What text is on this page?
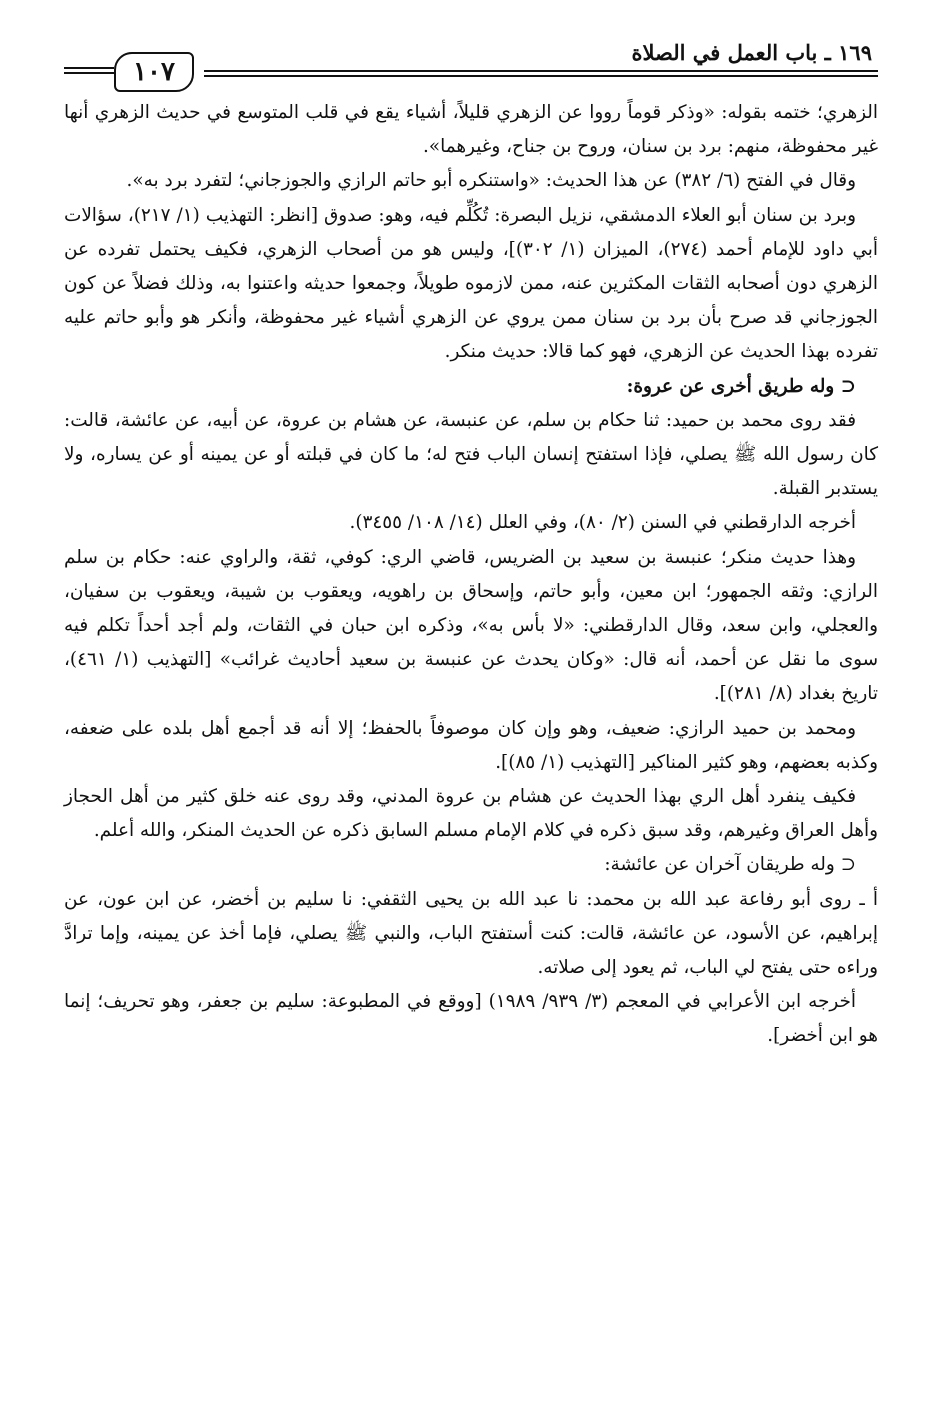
١٦٩ ـ باب العمل في الصلاة
١٠٧

الزهري؛ ختمه بقوله: «وذكر قوماً رووا عن الزهري قليلاً، أشياء يقع في قلب المتوسع في حديث الزهري أنها غير محفوظة، منهم: برد بن سنان، وروح بن جناح، وغيرهما».

وقال في الفتح (٦/ ٣٨٢) عن هذا الحديث: «واستنكره أبو حاتم الرازي والجوزجاني؛ لتفرد برد به».

وبرد بن سنان أبو العلاء الدمشقي، نزيل البصرة: تُكُلِّم فيه، وهو: صدوق [انظر: التهذيب (١/ ٢١٧)، سؤالات أبي داود للإمام أحمد (٢٧٤)، الميزان (١/ ٣٠٢)]، وليس هو من أصحاب الزهري، فكيف يحتمل تفرده عن الزهري دون أصحابه الثقات المكثرين عنه، ممن لازموه طويلاً، وجمعوا حديثه واعتنوا به، وذلك فضلاً عن كون الجوزجاني قد صرح بأن برد بن سنان ممن يروي عن الزهري أشياء غير محفوظة، وأنكر هو وأبو حاتم عليه تفرده بهذا الحديث عن الزهري، فهو كما قالا: حديث منكر.

⊂ وله طريق أخرى عن عروة:

فقد روى محمد بن حميد: ثنا حكام بن سلم، عن عنبسة، عن هشام بن عروة، عن أبيه، عن عائشة، قالت: كان رسول الله ﷺ يصلي، فإذا استفتح إنسان الباب فتح له؛ ما كان في قبلته أو عن يمينه أو عن يساره، ولا يستدبر القبلة.

أخرجه الدارقطني في السنن (٢/ ٨٠)، وفي العلل (١٤/ ١٠٨/ ٣٤٥٥).

وهذا حديث منكر؛ عنبسة بن سعيد بن الضريس، قاضي الري: كوفي، ثقة، والراوي عنه: حكام بن سلم الرازي: وثقه الجمهور؛ ابن معين، وأبو حاتم، وإسحاق بن راهويه، ويعقوب بن شيبة، ويعقوب بن سفيان، والعجلي، وابن سعد، وقال الدارقطني: «لا بأس به»، وذكره ابن حبان في الثقات، ولم أجد أحداً تكلم فيه سوى ما نقل عن أحمد، أنه قال: «وكان يحدث عن عنبسة بن سعيد أحاديث غرائب» [التهذيب (١/ ٤٦١)، تاريخ بغداد (٨/ ٢٨١)].

ومحمد بن حميد الرازي: ضعيف، وهو وإن كان موصوفاً بالحفظ؛ إلا أنه قد أجمع أهل بلده على ضعفه، وكذبه بعضهم، وهو كثير المناكير [التهذيب (١/ ٨٥)].

فكيف ينفرد أهل الري بهذا الحديث عن هشام بن عروة المدني، وقد روى عنه خلق كثير من أهل الحجاز وأهل العراق وغيرهم، وقد سبق ذكره في كلام الإمام مسلم السابق ذكره عن الحديث المنكر، والله أعلم.

⊂ وله طريقان آخران عن عائشة:

أ ـ روى أبو رفاعة عبد الله بن محمد: نا عبد الله بن يحيى الثقفي: نا سليم بن أخضر، عن ابن عون، عن إبراهيم، عن الأسود، عن عائشة، قالت: كنت أستفتح الباب، والنبي ﷺ يصلي، فإما أخذ عن يمينه، وإما ترادَّ وراءه حتى يفتح لي الباب، ثم يعود إلى صلاته.

أخرجه ابن الأعرابي في المعجم (٣/ ٩٣٩/ ١٩٨٩) [ووقع في المطبوعة: سليم بن جعفر، وهو تحريف؛ إنما هو ابن أخضر].
